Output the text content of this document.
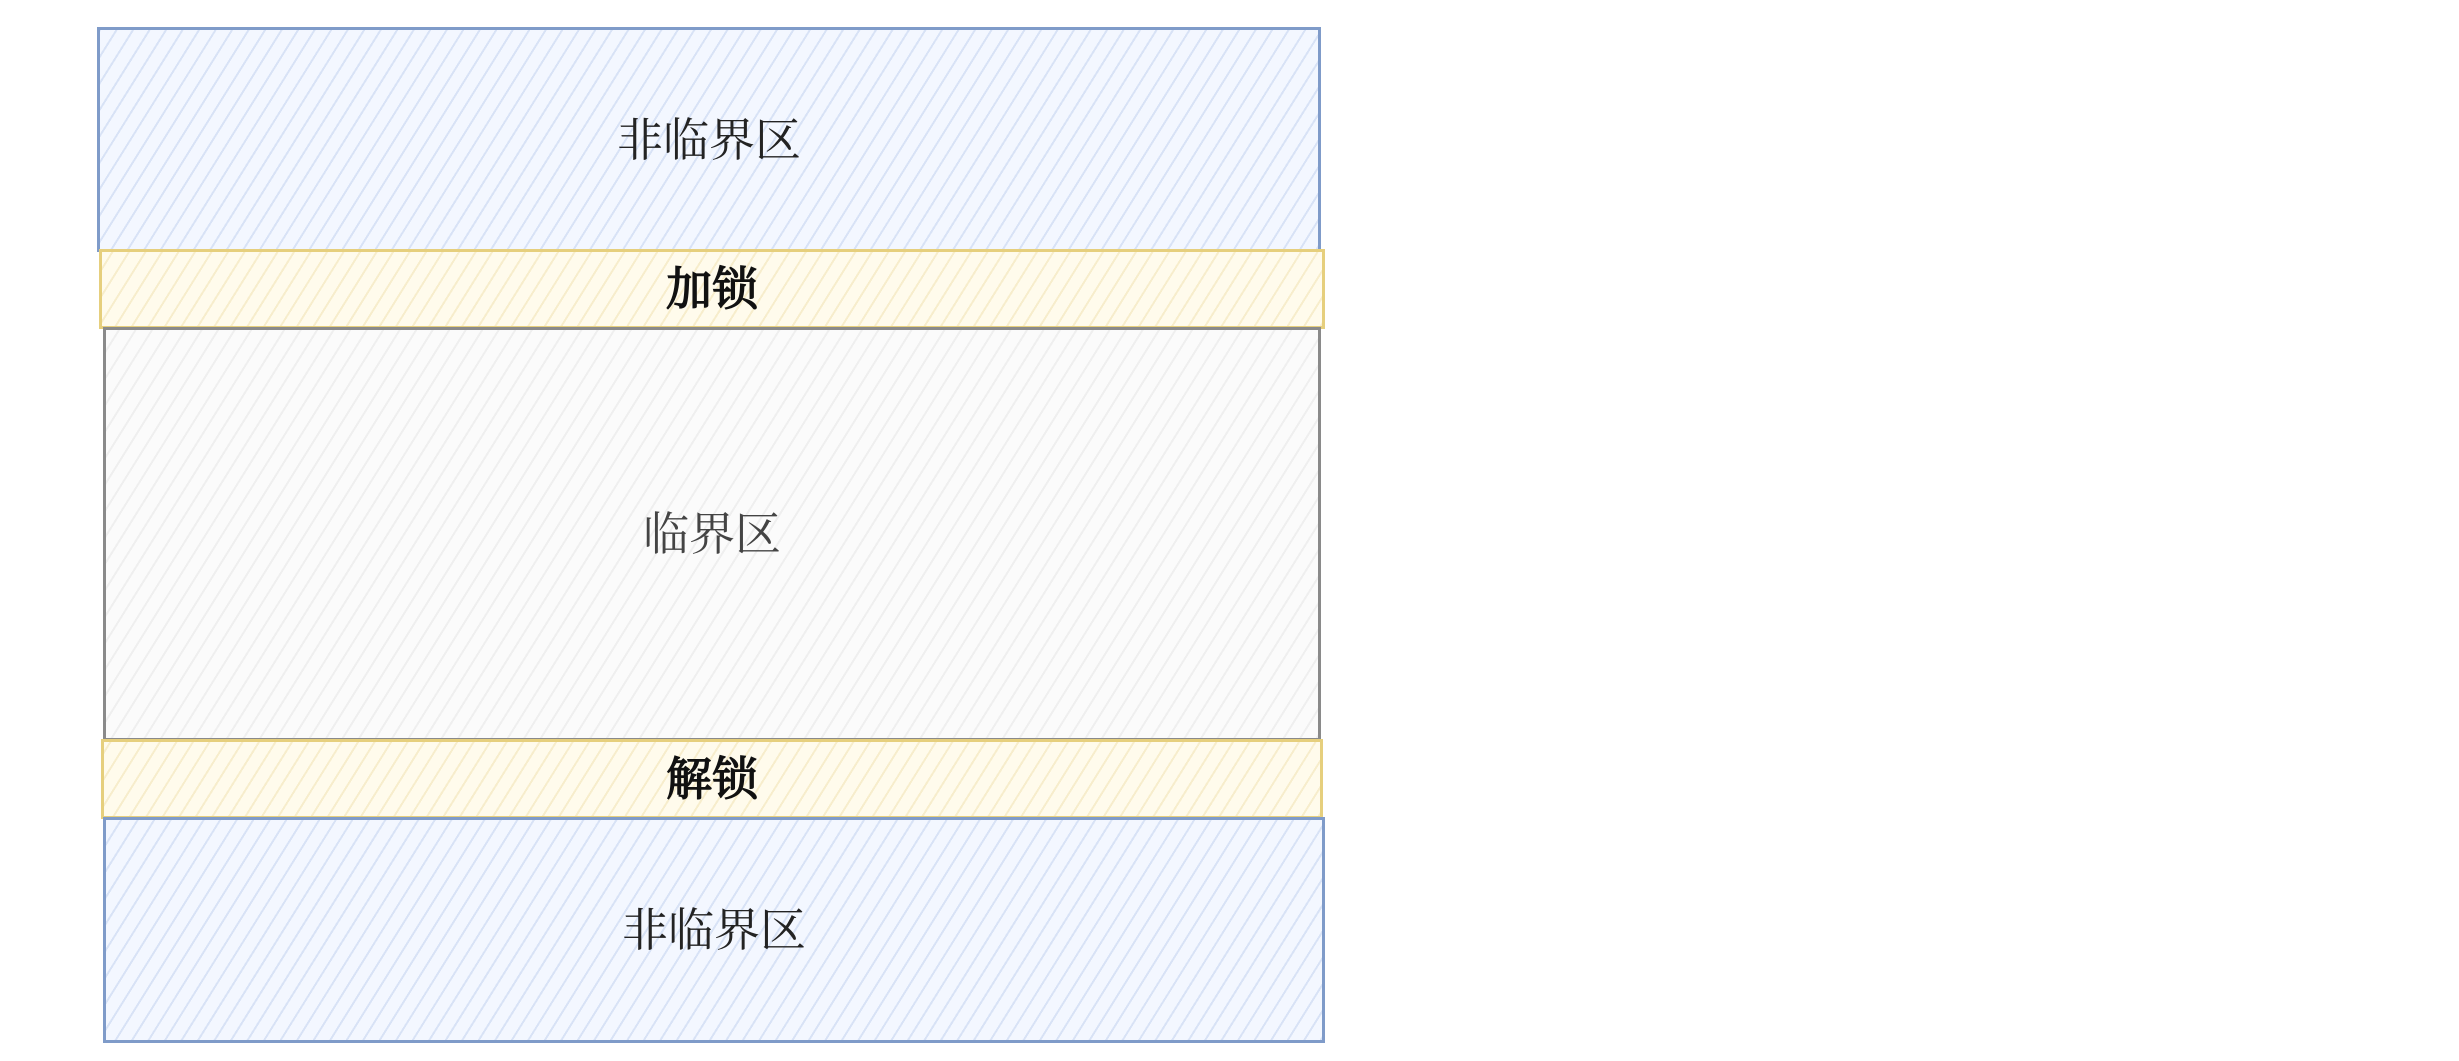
非临界区
加锁
临界区
解锁
非临界区
